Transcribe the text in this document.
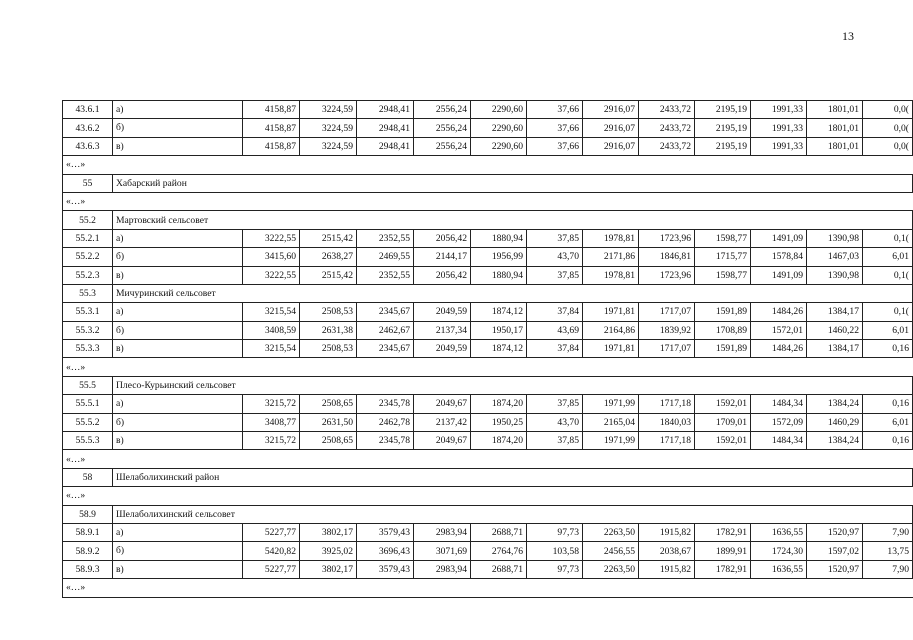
13
43.6.1	а)	4158,87	3224,59	2948,41	2556,24	2290,60	37,66	2916,07	2433,72	2195,19	1991,33	1801,01	0,0(
43.6.2	б)	4158,87	3224,59	2948,41	2556,24	2290,60	37,66	2916,07	2433,72	2195,19	1991,33	1801,01	0,0(
43.6.3	в)	4158,87	3224,59	2948,41	2556,24	2290,60	37,66	2916,07	2433,72	2195,19	1991,33	1801,01	0,0(
«…»													
55	Хабарский район												
«…»													
55.2	Мартовский сельсовет												
55.2.1	а)	3222,55	2515,42	2352,55	2056,42	1880,94	37,85	1978,81	1723,96	1598,77	1491,09	1390,98	0,1(
55.2.2	б)	3415,60	2638,27	2469,55	2144,17	1956,99	43,70	2171,86	1846,81	1715,77	1578,84	1467,03	6,01
55.2.3	в)	3222,55	2515,42	2352,55	2056,42	1880,94	37,85	1978,81	1723,96	1598,77	1491,09	1390,98	0,1(
55.3	Мичуринский сельсовет												
55.3.1	а)	3215,54	2508,53	2345,67	2049,59	1874,12	37,84	1971,81	1717,07	1591,89	1484,26	1384,17	0,1(
55.3.2	б)	3408,59	2631,38	2462,67	2137,34	1950,17	43,69	2164,86	1839,92	1708,89	1572,01	1460,22	6,01
55.3.3	в)	3215,54	2508,53	2345,67	2049,59	1874,12	37,84	1971,81	1717,07	1591,89	1484,26	1384,17	0,16
«…»													
55.5	Плесо-Курьинский сельсовет												
55.5.1	а)	3215,72	2508,65	2345,78	2049,67	1874,20	37,85	1971,99	1717,18	1592,01	1484,34	1384,24	0,16
55.5.2	б)	3408,77	2631,50	2462,78	2137,42	1950,25	43,70	2165,04	1840,03	1709,01	1572,09	1460,29	6,01
55.5.3	в)	3215,72	2508,65	2345,78	2049,67	1874,20	37,85	1971,99	1717,18	1592,01	1484,34	1384,24	0,16
«…»													
58	Шелаболихинский район												
«…»													
58.9	Шелаболихинский сельсовет												
58.9.1	а)	5227,77	3802,17	3579,43	2983,94	2688,71	97,73	2263,50	1915,82	1782,91	1636,55	1520,97	7,90
58.9.2	б)	5420,82	3925,02	3696,43	3071,69	2764,76	103,58	2456,55	2038,67	1899,91	1724,30	1597,02	13,75
58.9.3	в)	5227,77	3802,17	3579,43	2983,94	2688,71	97,73	2263,50	1915,82	1782,91	1636,55	1520,97	7,90
«…»													
